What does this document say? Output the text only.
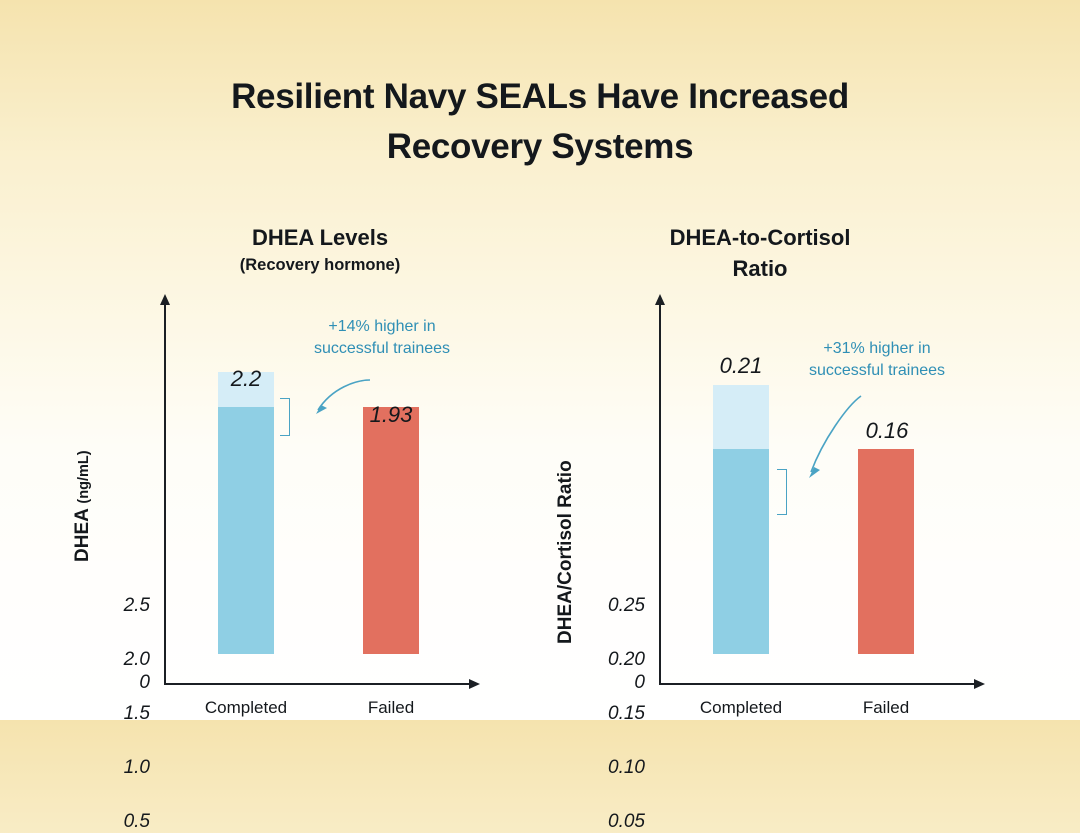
Resilient Navy SEALs Have Increased
Recovery Systems
DHEA Levels
(Recovery hormone)
DHEA (ng/mL)
2.5
2.0
1.5
1.0
0.5
2.2
1.93
0
Completed	Failed
+14% higher in
successful trainees
DHEA-to-Cortisol
Ratio
DHEA/Cortisol Ratio	0.25
0.20
0.15
0.10
0.05
0
0.21
0.16
Completed	Failed
+31% higher in
successful trainees
